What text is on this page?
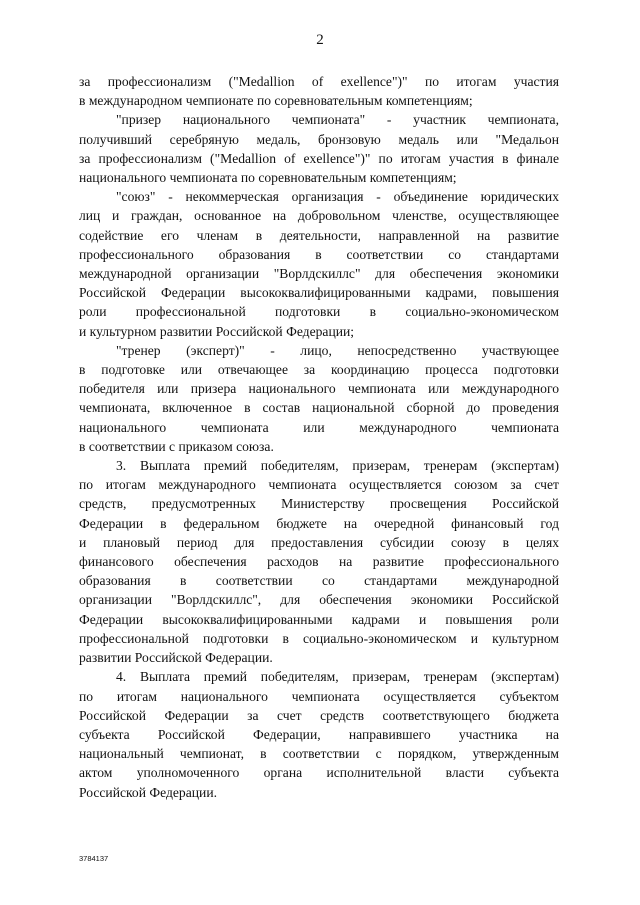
2
за профессионализм ("Medallion of exellence")" по итогам участия
в международном чемпионате по соревновательным компетенциям;
"призер национального чемпионата" - участник чемпионата,
получивший серебряную медаль, бронзовую медаль или "Медальон
за профессионализм ("Medallion of exellence")" по итогам участия в финале
национального чемпионата по соревновательным компетенциям;
"союз" - некоммерческая организация - объединение юридических
лиц и граждан, основанное на добровольном членстве, осуществляющее
содействие его членам в деятельности, направленной на развитие
профессионального образования в соответствии со стандартами
международной организации "Ворлдскиллс" для обеспечения экономики
Российской Федерации высококвалифицированными кадрами, повышения
роли профессиональной подготовки в социально-экономическом
и культурном развитии Российской Федерации;
"тренер (эксперт)" - лицо, непосредственно участвующее
в подготовке или отвечающее за координацию процесса подготовки
победителя или призера национального чемпионата или международного
чемпионата, включенное в состав национальной сборной до проведения
национального чемпионата или международного чемпионата
в соответствии с приказом союза.
3. Выплата премий победителям, призерам, тренерам (экспертам)
по итогам международного чемпионата осуществляется союзом за счет
средств, предусмотренных Министерству просвещения Российской
Федерации в федеральном бюджете на очередной финансовый год
и плановый период для предоставления субсидии союзу в целях
финансового обеспечения расходов на развитие профессионального
образования в соответствии со стандартами международной
организации "Ворлдскиллс", для обеспечения экономики Российской
Федерации высококвалифицированными кадрами и повышения роли
профессиональной подготовки в социально-экономическом и культурном
развитии Российской Федерации.
4. Выплата премий победителям, призерам, тренерам (экспертам)
по итогам национального чемпионата осуществляется субъектом
Российской Федерации за счет средств соответствующего бюджета
субъекта Российской Федерации, направившего участника на
национальный чемпионат, в соответствии с порядком, утвержденным
актом уполномоченного органа исполнительной власти субъекта
Российской Федерации.
3784137
